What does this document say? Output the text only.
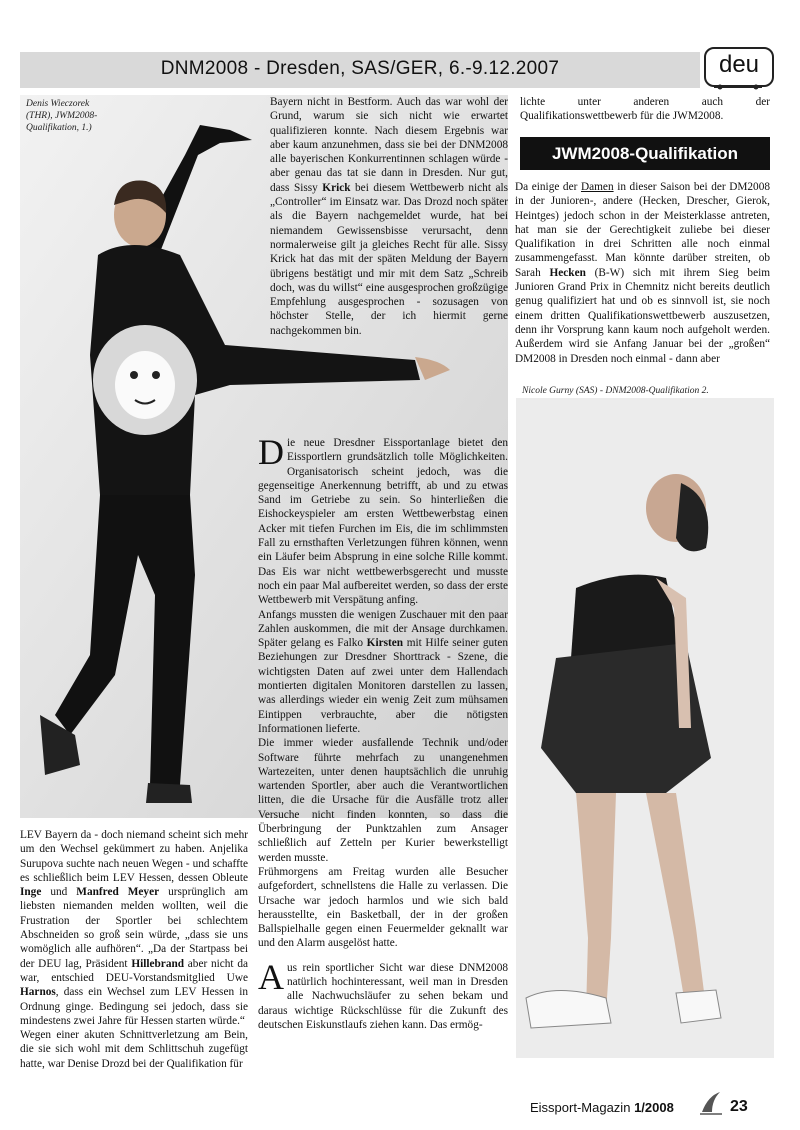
DNM2008 - Dresden, SAS/GER, 6.-9.12.2007	deu
Denis Wieczorek (THR), JWM2008-Qualifikation, 1.)

Bayern nicht in Bestform. Auch das war wohl der Grund, warum sie sich nicht wie erwartet qualifizieren konnte. Nach diesem Ergebnis war aber kaum anzunehmen, dass sie bei der DNM2008 alle bayerischen Konkurrentinnen schlagen würde - aber genau das tat sie dann in Dresden. Nur gut, dass Sissy Krick bei diesem Wettbewerb nicht als „Controller“ im Einsatz war. Das Drozd noch später als die Bayern nachgemeldet wurde, hat bei niemandem Gewissensbisse verursacht, denn normalerweise gilt ja gleiches Recht für alle. Sissy Krick hat das mit der späten Meldung der Bayern übrigens bestätigt und mir mit dem Satz „Schreib doch, was du willst“ eine ausgesprochen großzügige Empfehlung ausgesprochen - sozusagen von höchster Stelle, der ich hiermit gerne nachgekommen bin.

Die neue Dresdner Eissportanlage bietet den Eissportlern grundsätzlich tolle Möglichkeiten. Organisatorisch scheint jedoch, was die gegenseitige Anerkennung betrifft, ab und zu etwas Sand im Getriebe zu sein. So hinterließen die Eishockeyspieler am ersten Wettbewerbstag einen Acker mit tiefen Furchen im Eis, die im schlimmsten Fall zu ernsthaften Verletzungen führen können, wenn ein Läufer beim Absprung in eine solche Rille kommt. Das Eis war nicht wettbewerbsgerecht und musste noch ein paar Mal aufbereitet werden, so dass der erste Wettbewerb mit Verspätung anfing.

Anfangs mussten die wenigen Zuschauer mit den paar Zahlen auskommen, die mit der Ansage durchkamen. Später gelang es Falko Kirsten mit Hilfe seiner guten Beziehungen zur Dresdner Shorttrack - Szene, die wichtigsten Daten auf zwei unter dem Hallendach montierten digitalen Monitoren darstellen zu lassen, was allerdings wieder ein wenig Zeit zum mühsamen Eintippen verbrauchte, aber die nötigsten Informationen lieferte.

Die immer wieder ausfallende Technik und/oder Software führte mehrfach zu unangenehmen Wartezeiten, unter denen hauptsächlich die unruhig wartenden Sportler, aber auch die Verantwortlichen litten, die die Ursache für die Ausfälle trotz aller Versuche nicht finden konnten, so dass die Überbringung der Punktzahlen zum Ansager schließlich auf Zetteln per Kurier bewerkstelligt werden musste.

Frühmorgens am Freitag wurden alle Besucher aufgefordert, schnellstens die Halle zu verlassen. Die Ursache war jedoch harmlos und wie sich bald herausstellte, ein Basketball, der in der großen Ballspielhalle gegen einen Feuermelder geknallt war und den Alarm ausgelöst hatte.

Aus rein sportlicher Sicht war diese DNM2008 natürlich hochinteressant, weil man in Dresden alle Nachwuchsläufer zu sehen bekam und daraus wichtige Rückschlüsse für die Zukunft des deutschen Eiskunstlaufs ziehen kann. Das ermög-

lichte unter anderen auch der Qualifikationswettbewerb für die JWM2008.

JWM2008-Qualifikation

Da einige der Damen in dieser Saison bei der DM2008 in der Junioren-, andere (Hecken, Drescher, Gierok, Heintges) jedoch schon in der Meisterklasse antreten, hat man sie der Gerechtigkeit zuliebe bei dieser Qualifikation in drei Schritten alle noch einmal zusammengefasst. Man könnte darüber streiten, ob Sarah Hecken (B-W) sich mit ihrem Sieg beim Junioren Grand Prix in Chemnitz nicht bereits deutlich genug qualifiziert hat und ob es sinnvoll ist, sie noch einem dritten Qualifikationswettbewerb auszusetzen, denn ihr Vorsprung kann kaum noch aufgeholt werden. Außerdem wird sie Anfang Januar bei der „großen“ DM2008 in Dresden noch einmal - dann aber

Nicole Gurny (SAS) - DNM2008-Qualifikation 2.

LEV Bayern da - doch niemand scheint sich mehr um den Wechsel gekümmert zu haben. Anjelika Surupova suchte nach neuen Wegen - und schaffte es schließlich beim LEV Hessen, dessen Obleute Inge und Manfred Meyer ursprünglich am liebsten niemanden melden wollten, weil die Frustration der Sportler bei schlechtem Abschneiden so groß sein würde, „dass sie uns womöglich alle aufhören“. „Da der Startpass bei der DEU lag, Präsident Hillebrand aber nicht da war, entschied DEU-Vorstandsmitglied Uwe Harnos, dass ein Wechsel zum LEV Hessen in Ordnung ginge. Bedingung sei jedoch, dass sie mindestens zwei Jahre für Hessen starten würde.“

Wegen einer akuten Schnittverletzung am Bein, die sie sich wohl mit dem Schlittschuh zugefügt hatte, war Denise Drozd bei der Qualifikation für

Eissport-Magazin 1/2008	23
